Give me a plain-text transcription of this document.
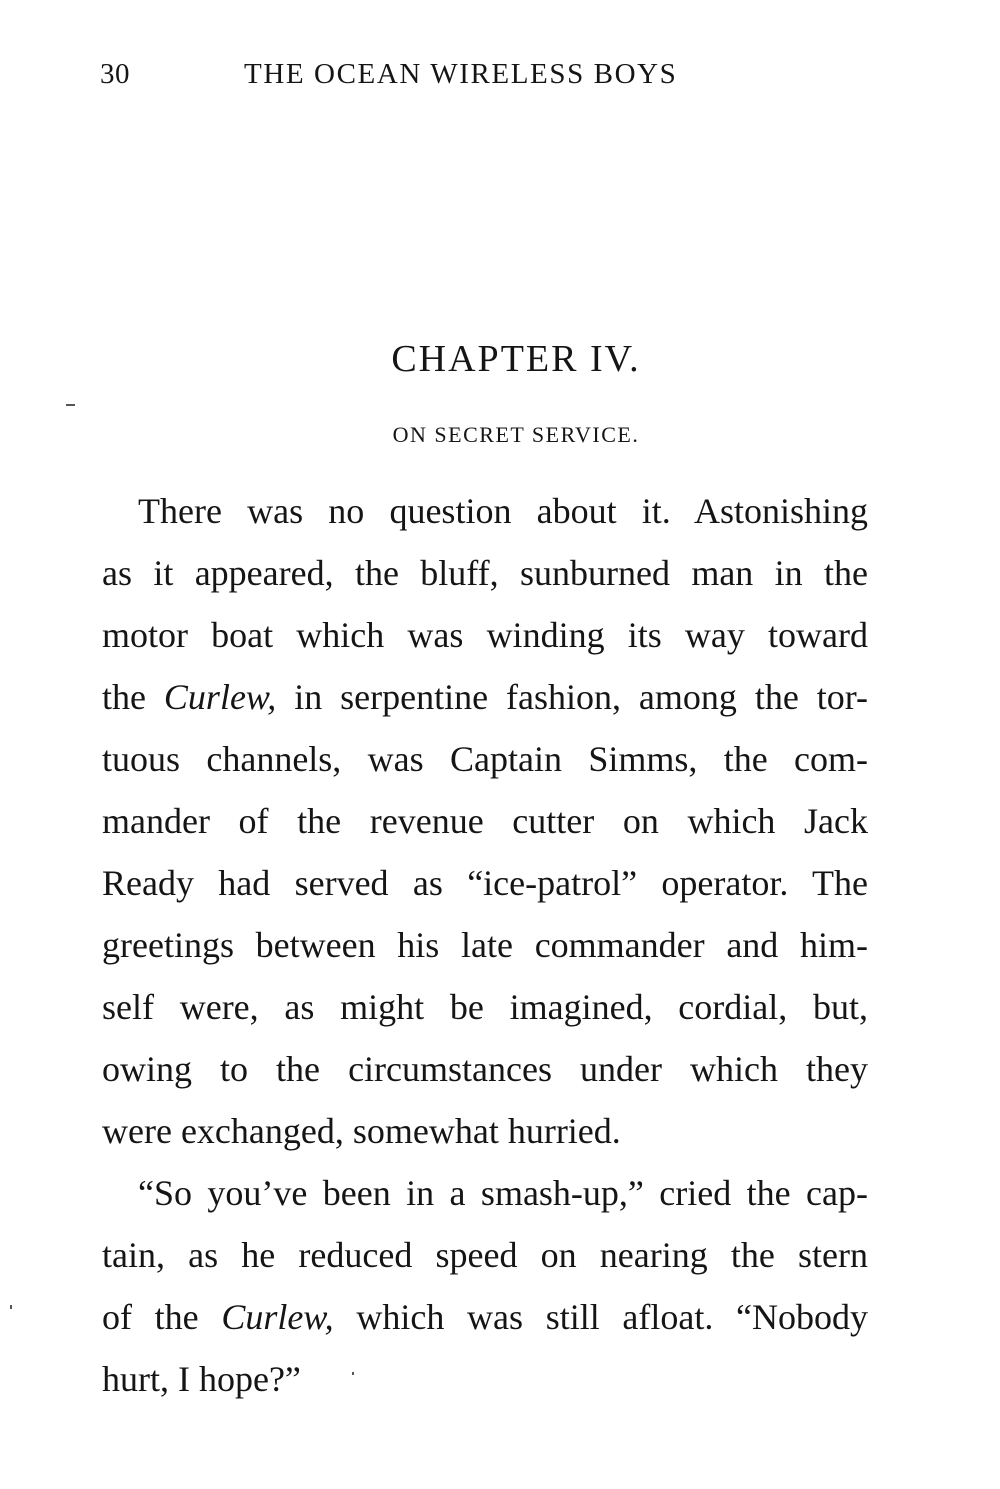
30	THE OCEAN WIRELESS BOYS
CHAPTER IV.
ON SECRET SERVICE.
There was no question about it. Astonishing
as it appeared, the bluff, sunburned man in the
motor boat which was winding its way toward
the Curlew, in serpentine fashion, among the tor-
tuous channels, was Captain Simms, the com-
mander of the revenue cutter on which Jack
Ready had served as “ice-patrol” operator. The
greetings between his late commander and him-
self were, as might be imagined, cordial, but,
owing to the circumstances under which they
were exchanged, somewhat hurried.
“So you’ve been in a smash-up,” cried the cap-
tain, as he reduced speed on nearing the stern
of the Curlew, which was still afloat. “Nobody
hurt, I hope?”
